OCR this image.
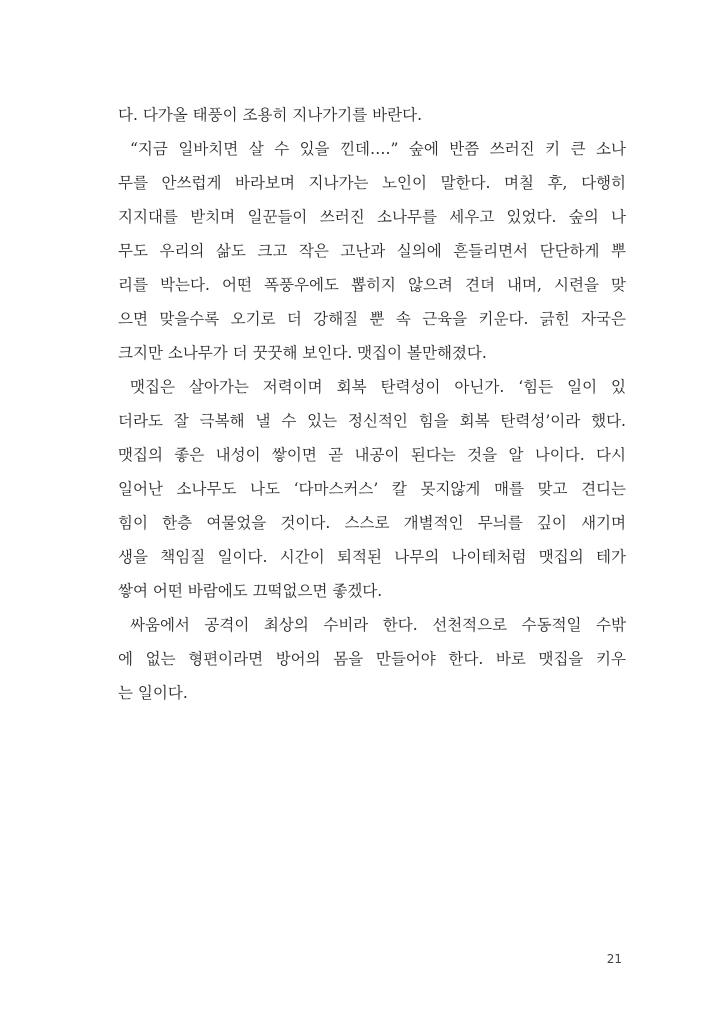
다. 다가올 태풍이 조용히 지나가기를 바란다.
“지금 일바치면 살 수 있을 낀데….” 숲에 반쯤 쓰러진 키 큰 소나
무를 안쓰럽게 바라보며 지나가는 노인이 말한다. 며칠 후, 다행히
지지대를 받치며 일꾼들이 쓰러진 소나무를 세우고 있었다. 숲의 나
무도 우리의 삶도 크고 작은 고난과 실의에 흔들리면서 단단하게 뿌
리를 박는다. 어떤 폭풍우에도 뽑히지 않으려 견뎌 내며, 시련을 맞
으면 맞을수록 오기로 더 강해질 뿐 속 근육을 키운다. 긁힌 자국은
크지만 소나무가 더 꿋꿋해 보인다. 맷집이 볼만해졌다.
맷집은 살아가는 저력이며 회복 탄력성이 아닌가. ‘힘든 일이 있
더라도 잘 극복해 낼 수 있는 정신적인 힘을 회복 탄력성’이라 했다.
맷집의 좋은 내성이 쌓이면 곧 내공이 된다는 것을 알 나이다. 다시
일어난 소나무도 나도 ‘다마스커스’ 칼 못지않게 매를 맞고 견디는
힘이 한층 여물었을 것이다. 스스로 개별적인 무늬를 깊이 새기며
생을 책임질 일이다. 시간이 퇴적된 나무의 나이테처럼 맷집의 테가
쌓여 어떤 바람에도 끄떡없으면 좋겠다.
싸움에서 공격이 최상의 수비라 한다. 선천적으로 수동적일 수밖
에 없는 형편이라면 방어의 몸을 만들어야 한다. 바로 맷집을 키우
는 일이다.
21
